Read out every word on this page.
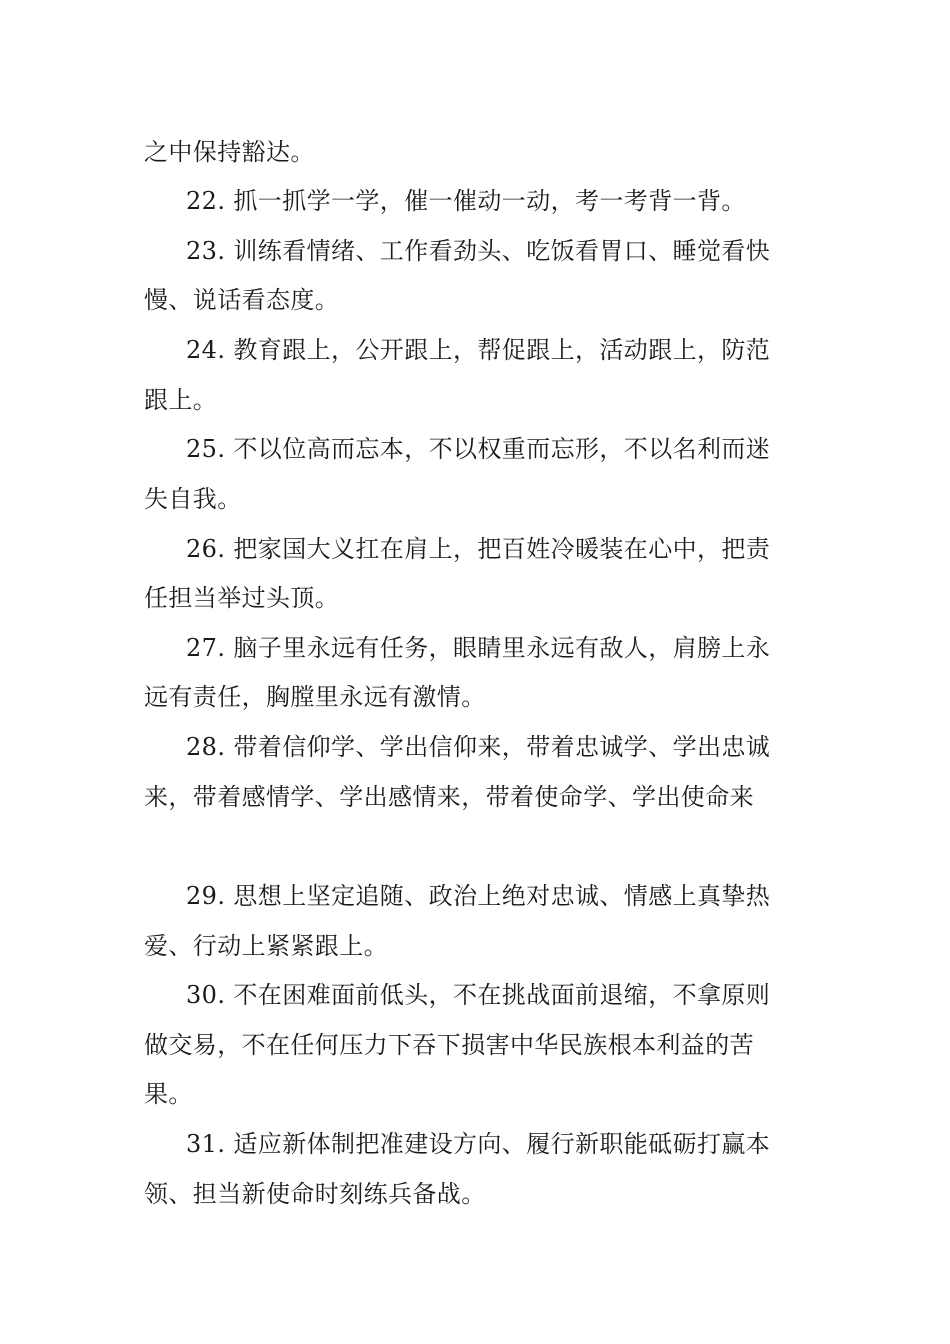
之中保持豁达。
22. 抓一抓学一学，催一催动一动，考一考背一背。
23. 训练看情绪、工作看劲头、吃饭看胃口、睡觉看快
慢、说话看态度。
24. 教育跟上，公开跟上，帮促跟上，活动跟上，防范
跟上。
25. 不以位高而忘本，不以权重而忘形，不以名利而迷
失自我。
26. 把家国大义扛在肩上，把百姓冷暖装在心中，把责
任担当举过头顶。
27. 脑子里永远有任务，眼睛里永远有敌人，肩膀上永
远有责任，胸膛里永远有激情。
28. 带着信仰学、学出信仰来，带着忠诚学、学出忠诚
来，带着感情学、学出感情来，带着使命学、学出使命来
29. 思想上坚定追随、政治上绝对忠诚、情感上真挚热
爱、行动上紧紧跟上。
30. 不在困难面前低头，不在挑战面前退缩，不拿原则
做交易，不在任何压力下吞下损害中华民族根本利益的苦
果。
31. 适应新体制把准建设方向、履行新职能砥砺打赢本
领、担当新使命时刻练兵备战。
